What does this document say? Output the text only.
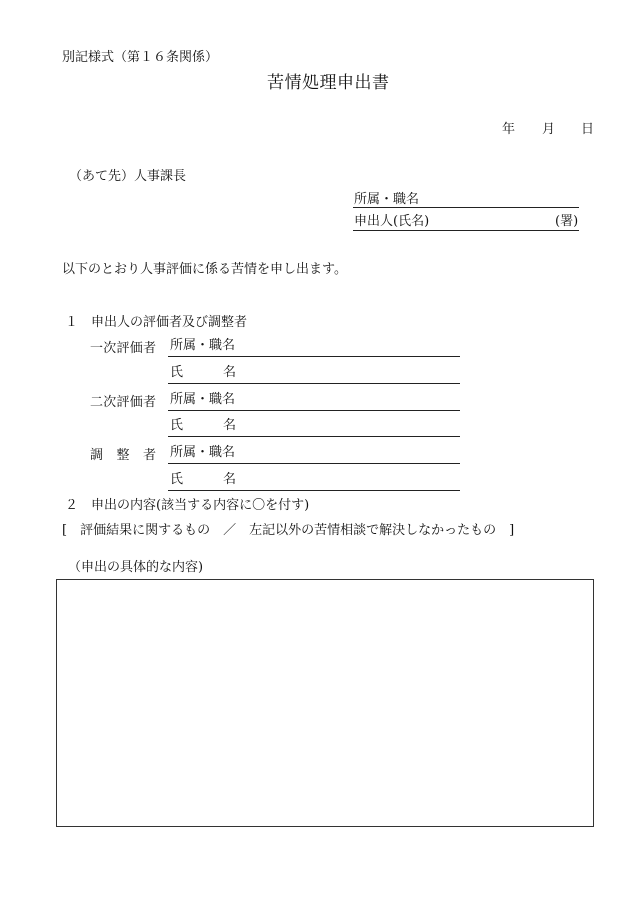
別記様式（第１６条関係）
苦情処理申出書
年 月 日
（あて先）人事課長
所属・職名
申出人(氏名)	(署)
以下のとおり人事評価に係る苦情を申し出ます。
１　申出人の評価者及び調整者
一次評価者 所属・職名
氏名
二次評価者 所属・職名
氏名
調整者 所属・職名
氏名
２　申出の内容(該当する内容に〇を付す)
[　評価結果に関するもの　／　左記以外の苦情相談で解決しなかったもの　]
（申出の具体的な内容)
